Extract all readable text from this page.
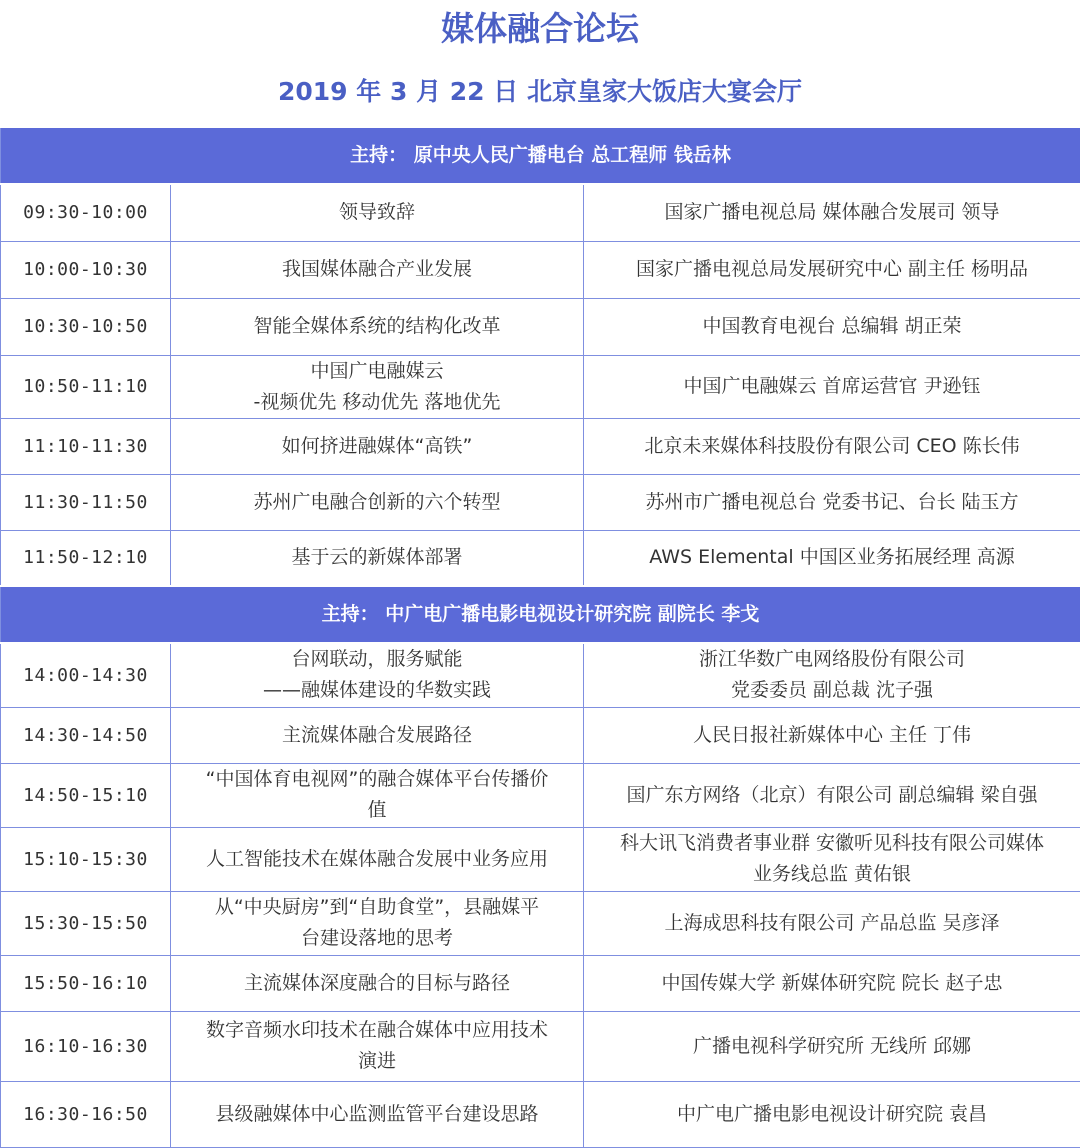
媒体融合论坛
2019 年 3 月 22 日 北京皇家大饭店大宴会厅
主持： 原中央人民广播电台 总工程师 钱岳林		
09:30-10:00	领导致辞	国家广播电视总局 媒体融合发展司 领导

10:00-10:30	我国媒体融合产业发展	国家广播电视总局发展研究中心 副主任 杨明品

10:30-10:50	智能全媒体系统的结构化改革	中国教育电视台 总编辑 胡正荣

10:50-11:10	中国广电融媒云
-视频优先 移动优先 落地优先	中国广电融媒云 首席运营官 尹逊钰

11:10-11:30	如何挤进融媒体“高铁”	北京未来媒体科技股份有限公司 CEO 陈长伟

11:30-11:50	苏州广电融合创新的六个转型	苏州市广播电视总台 党委书记、台长 陆玉方

11:50-12:10	基于云的新媒体部署	AWS Elemental 中国区业务拓展经理 高源

主持： 中广电广播电影电视设计研究院 副院长 李戈		
14:00-14:30	台网联动，服务赋能
——融媒体建设的华数实践	浙江华数广电网络股份有限公司
党委委员 副总裁 沈子强

14:30-14:50	主流媒体融合发展路径	人民日报社新媒体中心 主任 丁伟

14:50-15:10	“中国体育电视网”的融合媒体平台传播价
值	国广东方网络（北京）有限公司 副总编辑 梁自强

15:10-15:30	人工智能技术在媒体融合发展中业务应用	科大讯飞消费者事业群 安徽听见科技有限公司媒体
业务线总监 黄佑银

15:30-15:50	从“中央厨房”到“自助食堂”，县融媒平
台建设落地的思考	上海成思科技有限公司 产品总监 吴彦泽

15:50-16:10	主流媒体深度融合的目标与路径	中国传媒大学 新媒体研究院 院长 赵子忠

16:10-16:30	数字音频水印技术在融合媒体中应用技术
演进	广播电视科学研究所 无线所 邱娜

16:30-16:50	县级融媒体中心监测监管平台建设思路	中广电广播电影电视设计研究院 袁昌
